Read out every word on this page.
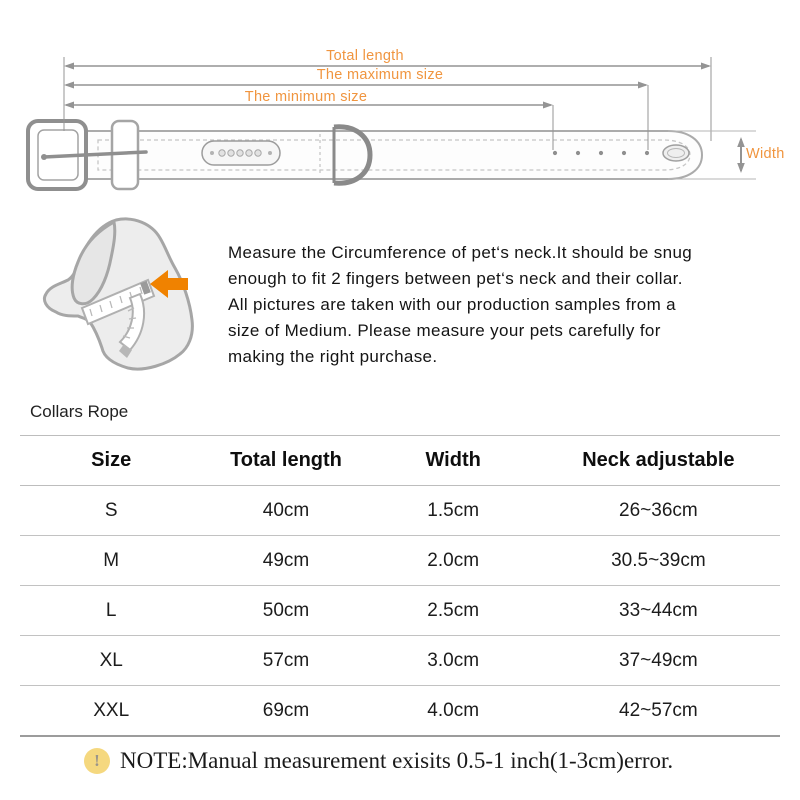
Total length
The maximum size
The minimum size
Width
Measure the Circumference of pet‘s neck.It should be snug
enough to fit 2 fingers between pet‘s neck and their collar.
All pictures are taken with our production samples from a
size of Medium. Please measure your pets carefully for
making the right purchase.
Collars Rope
Size	Total length	Width	Neck adjustable
S	40cm	1.5cm	26~36cm
M	49cm	2.0cm	30.5~39cm
L	50cm	2.5cm	33~44cm
XL	57cm	3.0cm	37~49cm
XXL	69cm	4.0cm	42~57cm
! NOTE:Manual measurement exisits 0.5-1 inch(1-3cm)error.
